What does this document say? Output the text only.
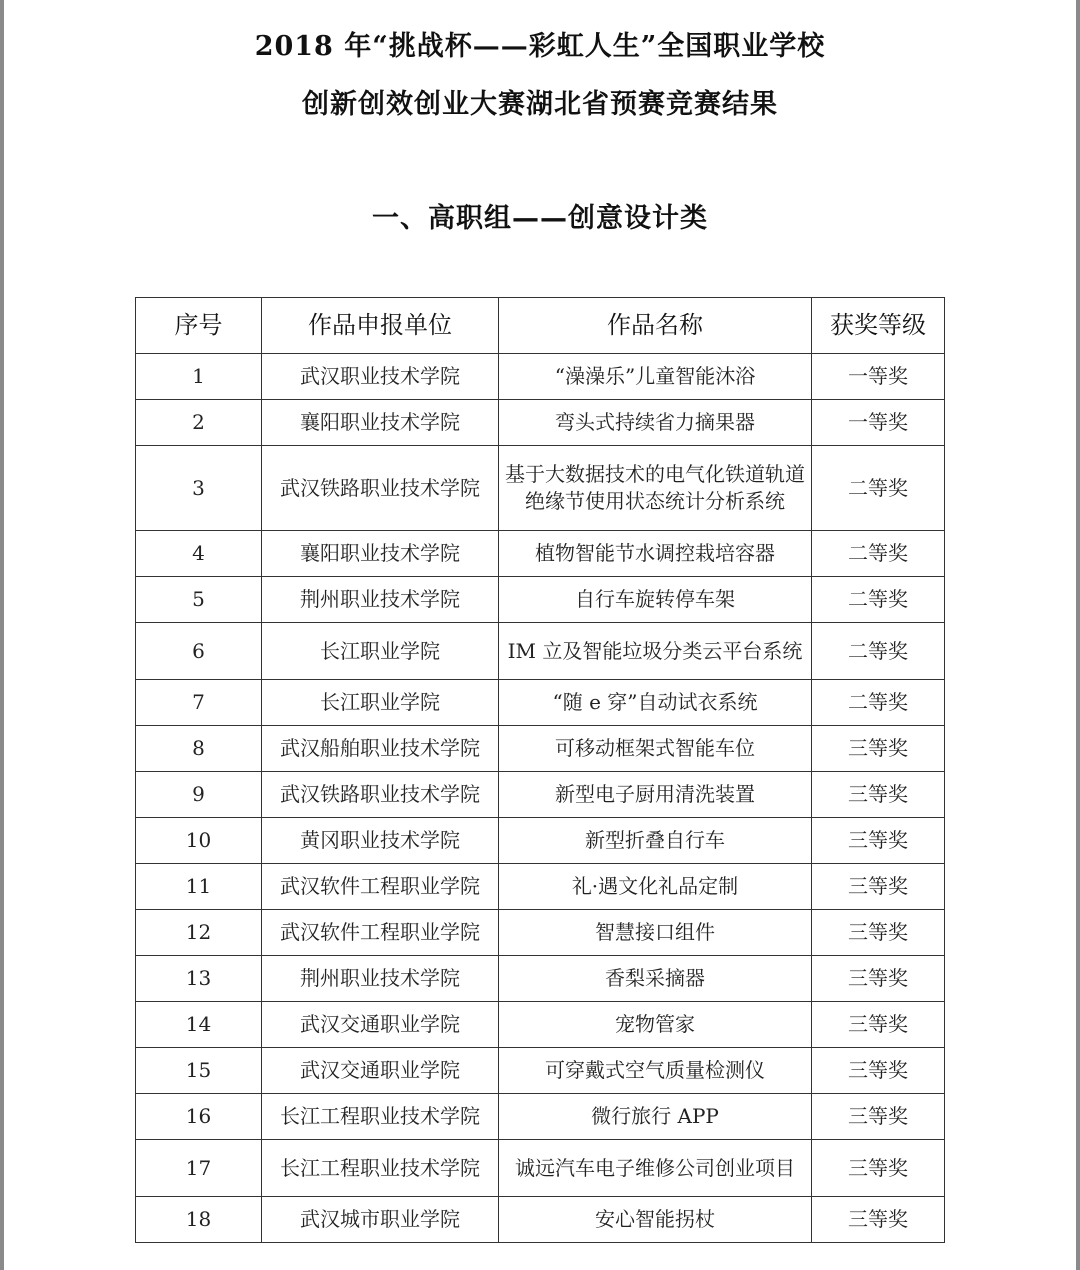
2018 年“挑战杯——彩虹人生”全国职业学校
创新创效创业大赛湖北省预赛竞赛结果
一、高职组——创意设计类
序号	作品申报单位	作品名称	获奖等级
1	武汉职业技术学院	“澡澡乐”儿童智能沐浴	一等奖
2	襄阳职业技术学院	弯头式持续省力摘果器	一等奖
3	武汉铁路职业技术学院	基于大数据技术的电气化铁道轨道绝缘节使用状态统计分析系统	二等奖
4	襄阳职业技术学院	植物智能节水调控栽培容器	二等奖
5	荆州职业技术学院	自行车旋转停车架	二等奖
6	长江职业学院	IM 立及智能垃圾分类云平台系统	二等奖
7	长江职业学院	“随 e 穿”自动试衣系统	二等奖
8	武汉船舶职业技术学院	可移动框架式智能车位	三等奖
9	武汉铁路职业技术学院	新型电子厨用清洗装置	三等奖
10	黄冈职业技术学院	新型折叠自行车	三等奖
11	武汉软件工程职业学院	礼·遇文化礼品定制	三等奖
12	武汉软件工程职业学院	智慧接口组件	三等奖
13	荆州职业技术学院	香梨采摘器	三等奖
14	武汉交通职业学院	宠物管家	三等奖
15	武汉交通职业学院	可穿戴式空气质量检测仪	三等奖
16	长江工程职业技术学院	微行旅行 APP	三等奖
17	长江工程职业技术学院	诚远汽车电子维修公司创业项目	三等奖
18	武汉城市职业学院	安心智能拐杖	三等奖
